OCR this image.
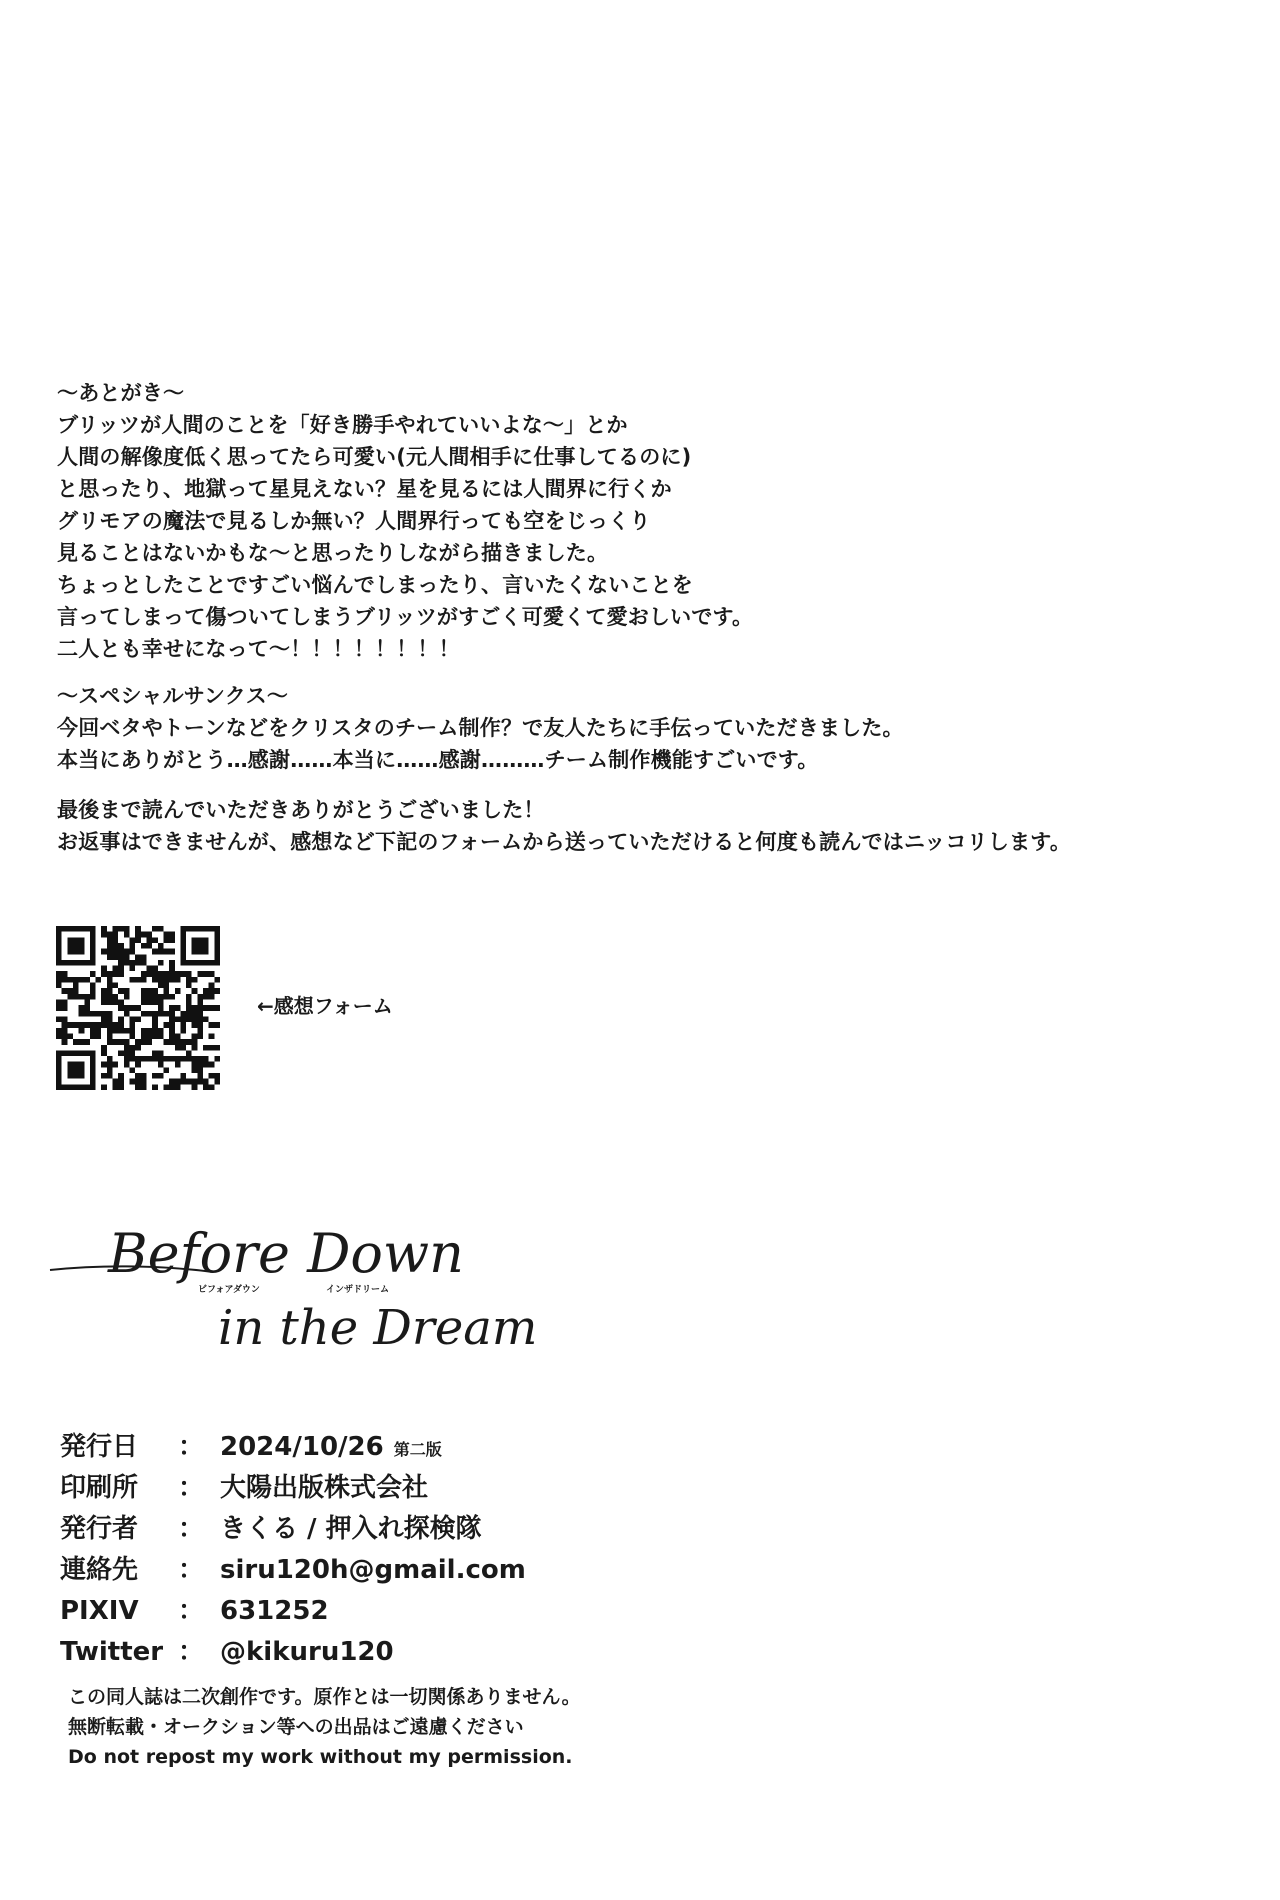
〜あとがき〜
ブリッツが人間のことを「好き勝手やれていいよな〜」とか
人間の解像度低く思ってたら可愛い(元人間相手に仕事してるのに)
と思ったり、地獄って星見えない？星を見るには人間界に行くか
グリモアの魔法で見るしか無い？人間界行っても空をじっくり
見ることはないかもな〜と思ったりしながら描きました。
ちょっとしたことですごい悩んでしまったり、言いたくないことを
言ってしまって傷ついてしまうブリッツがすごく可愛くて愛おしいです。
二人とも幸せになって〜！！！！！！！！
〜スペシャルサンクス〜
今回ベタやトーンなどをクリスタのチーム制作？で友人たちに手伝っていただきました。
本当にありがとう…感謝……本当に……感謝………チーム制作機能すごいです。
最後まで読んでいただきありがとうございました！
お返事はできませんが、感想など下記のフォームから送っていただけると何度も読んではニッコリします。
←感想フォーム
Before Down
ビフォアダウン	インザドリーム
in the Dream
発行日 ： 2024/10/26 第二版
印刷所 ： 大陽出版株式会社
発行者 ： きくる / 押入れ探検隊
連絡先 ： siru120h@gmail.com
PIXIV ： 631252
Twitter ： @kikuru120
この同人誌は二次創作です。原作とは一切関係ありません。
無断転載・オークション等への出品はご遠慮ください
Do not repost my work without my permission.
